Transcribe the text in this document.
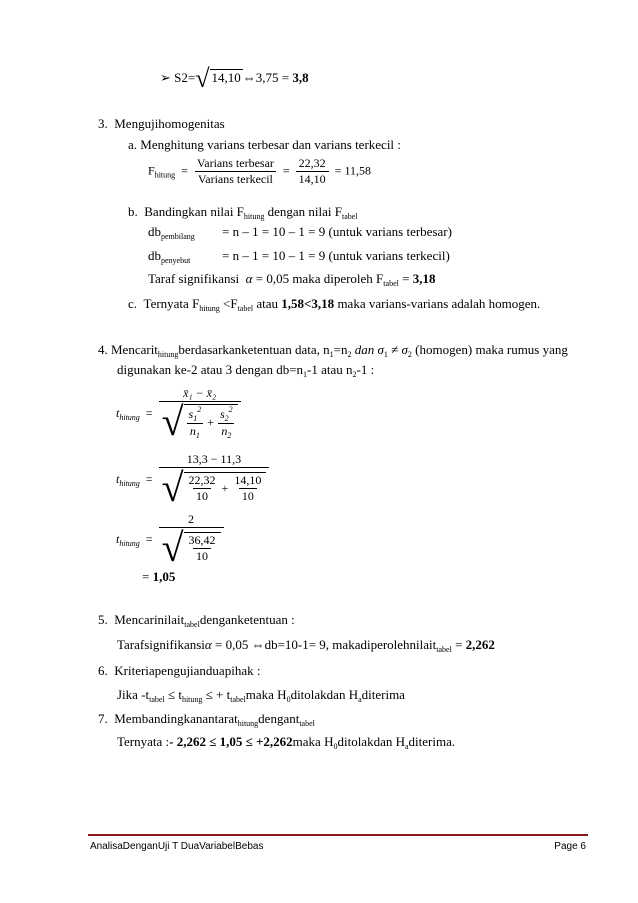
➢ S2=√ 14,10 ⇔3,75 = 3,8
3. Mengujihomogenitas
a. Menghitung varians terbesar dan varians terkecil :
$F_{hitung} = \frac{\text{Varians terbesar}}{\text{Varians terkecil}} = \frac{22,32}{14,10} = 11,58$
b. Bandingkan nilai $F_{hitung}$ dengan nilai $F_{tabel}$
$db_{pembilang} = n - 1 = 10 - 1 = 9$ (untuk varians terbesar)
$db_{penyebut} = n - 1 = 10 - 1 = 9$ (untuk varians terkecil)
Taraf signifikansi α = 0,05 maka diperoleh $F_{tabel} = 3,18$
c. Ternyata $F_{hitung} <F_{tabel}$ atau 1,58<3,18 maka varians-varians adalah homogen.
4. Mencarit$_{hitung}$berdasarkanketentuan data, $n_1=n_2$ dan $\sigma_1 \ne \sigma_2$ (homogen) maka rumus yang
digunakan ke-2 atau 3 dengan $db=n_1-1$ atau $n_2-1$ :
$t_{hitung}$ = x̄₁ − x̄₂
√ $\frac{s_1^2}{n_1}$
+
$\frac{s_2^2}{n_2}$
$t_{hitung} = 13,3 - 11,3$
√ $\frac{22,32}{10}$
+
$\frac{14,10}{10}$
$t_{hitung} = \frac{2}{√ \frac{36,42}{10}}$
= 1,05
5. Mencarinilait$_{tabel}$denganketentuan :
Tarafsignifikansiα = 0,05 ⇔db=10-1= 9, makadiperolehnilait$_{tabel}$ = 2,262
6. Kriteriapengujianduapihak :
Jika $-t_{tabel} \le t_{hitung}$ ≤ + $t_{tabel}maka$ $H_0ditolakdan$ $H_aditerima$
7. Membandingkanantarat$_{hitung}$dengant$_{tabel}$
Ternyata :- 2,262 ≤ 1,05 ≤ +2,262maka $H_0ditolakdan$ $H_aditerima$.
AnalisaDenganUji T DuaVariabelBebas	Page 6
